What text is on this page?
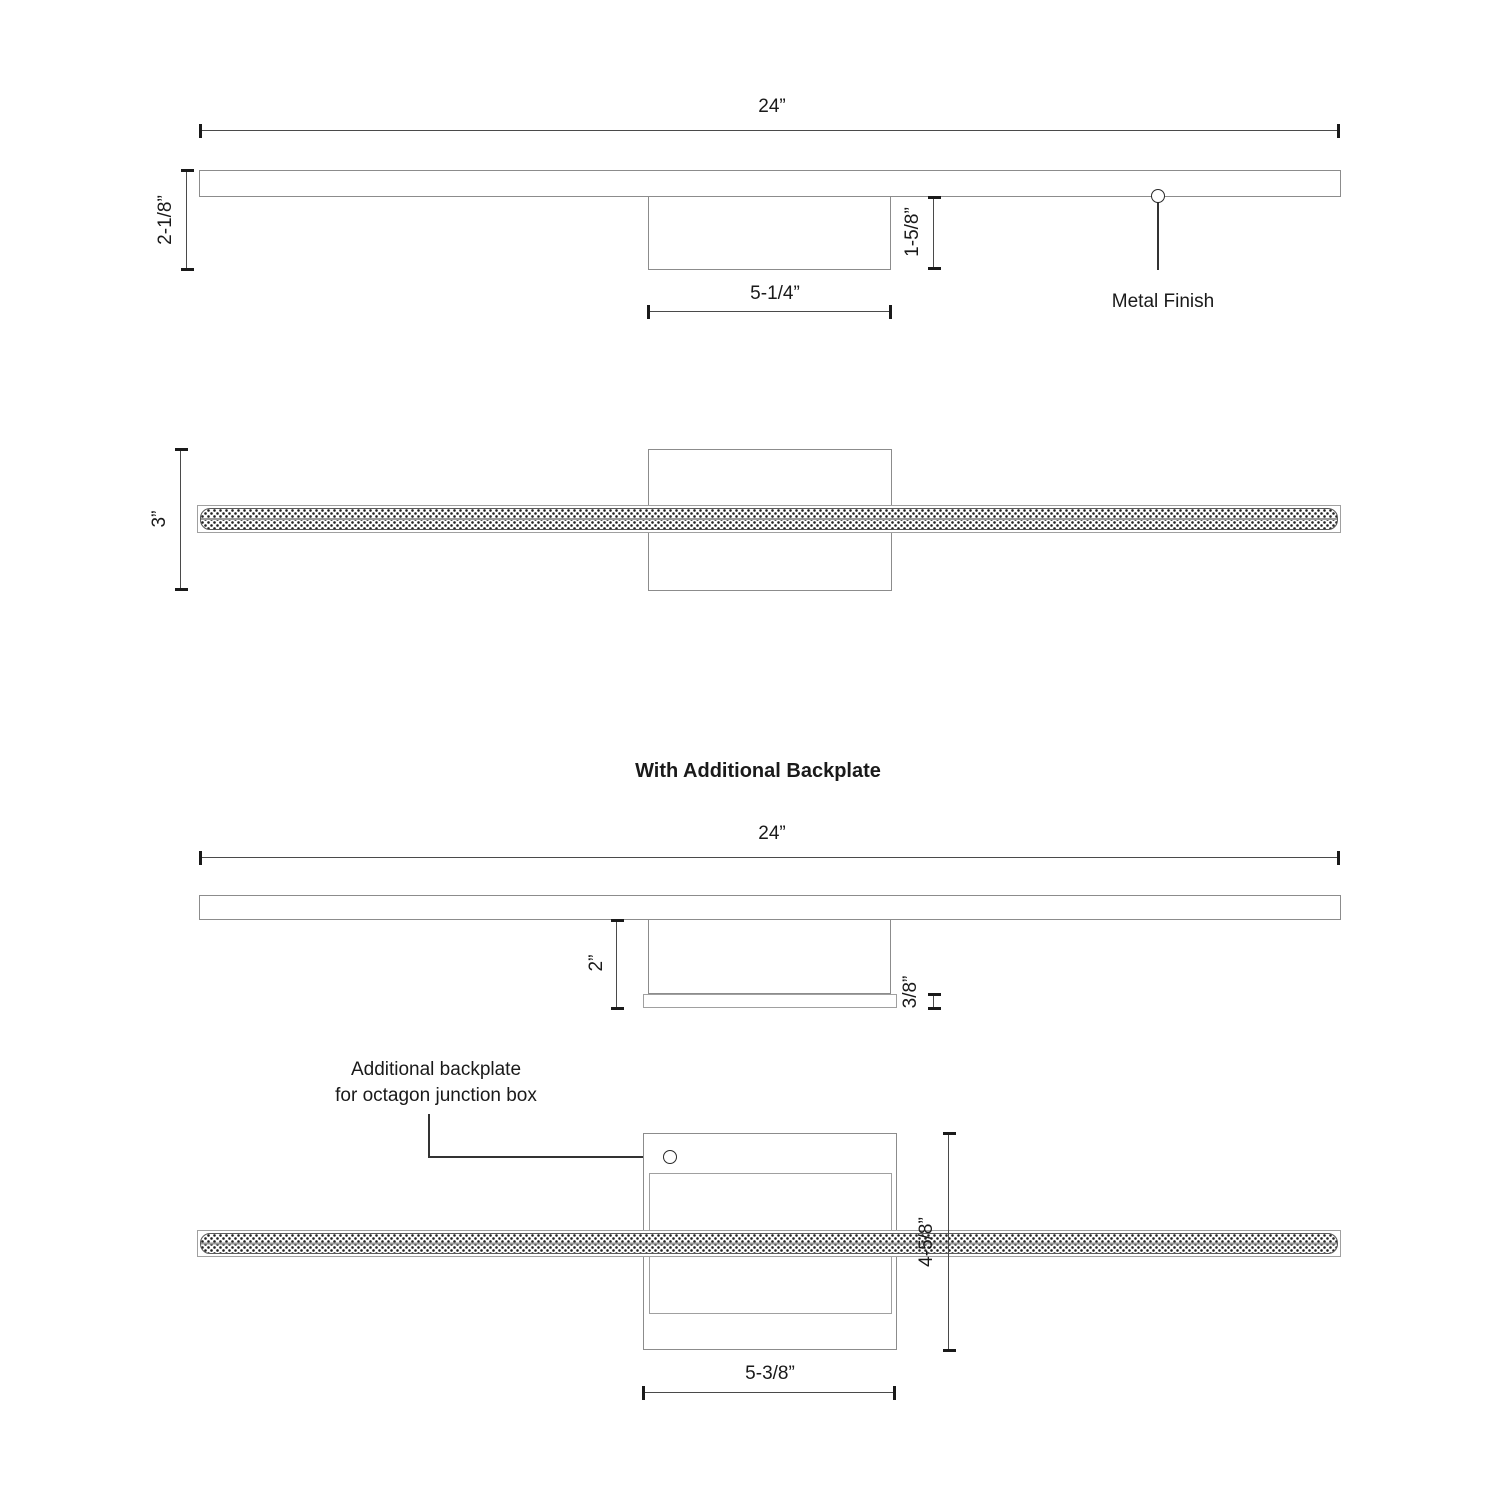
24”
2-1/8”	1-5/8”
5-1/4”	Metal Finish
3”
With Additional Backplate
24”
2”
3/8”
Additional backplate
for octagon junction box
4-5/8”
5-3/8”
